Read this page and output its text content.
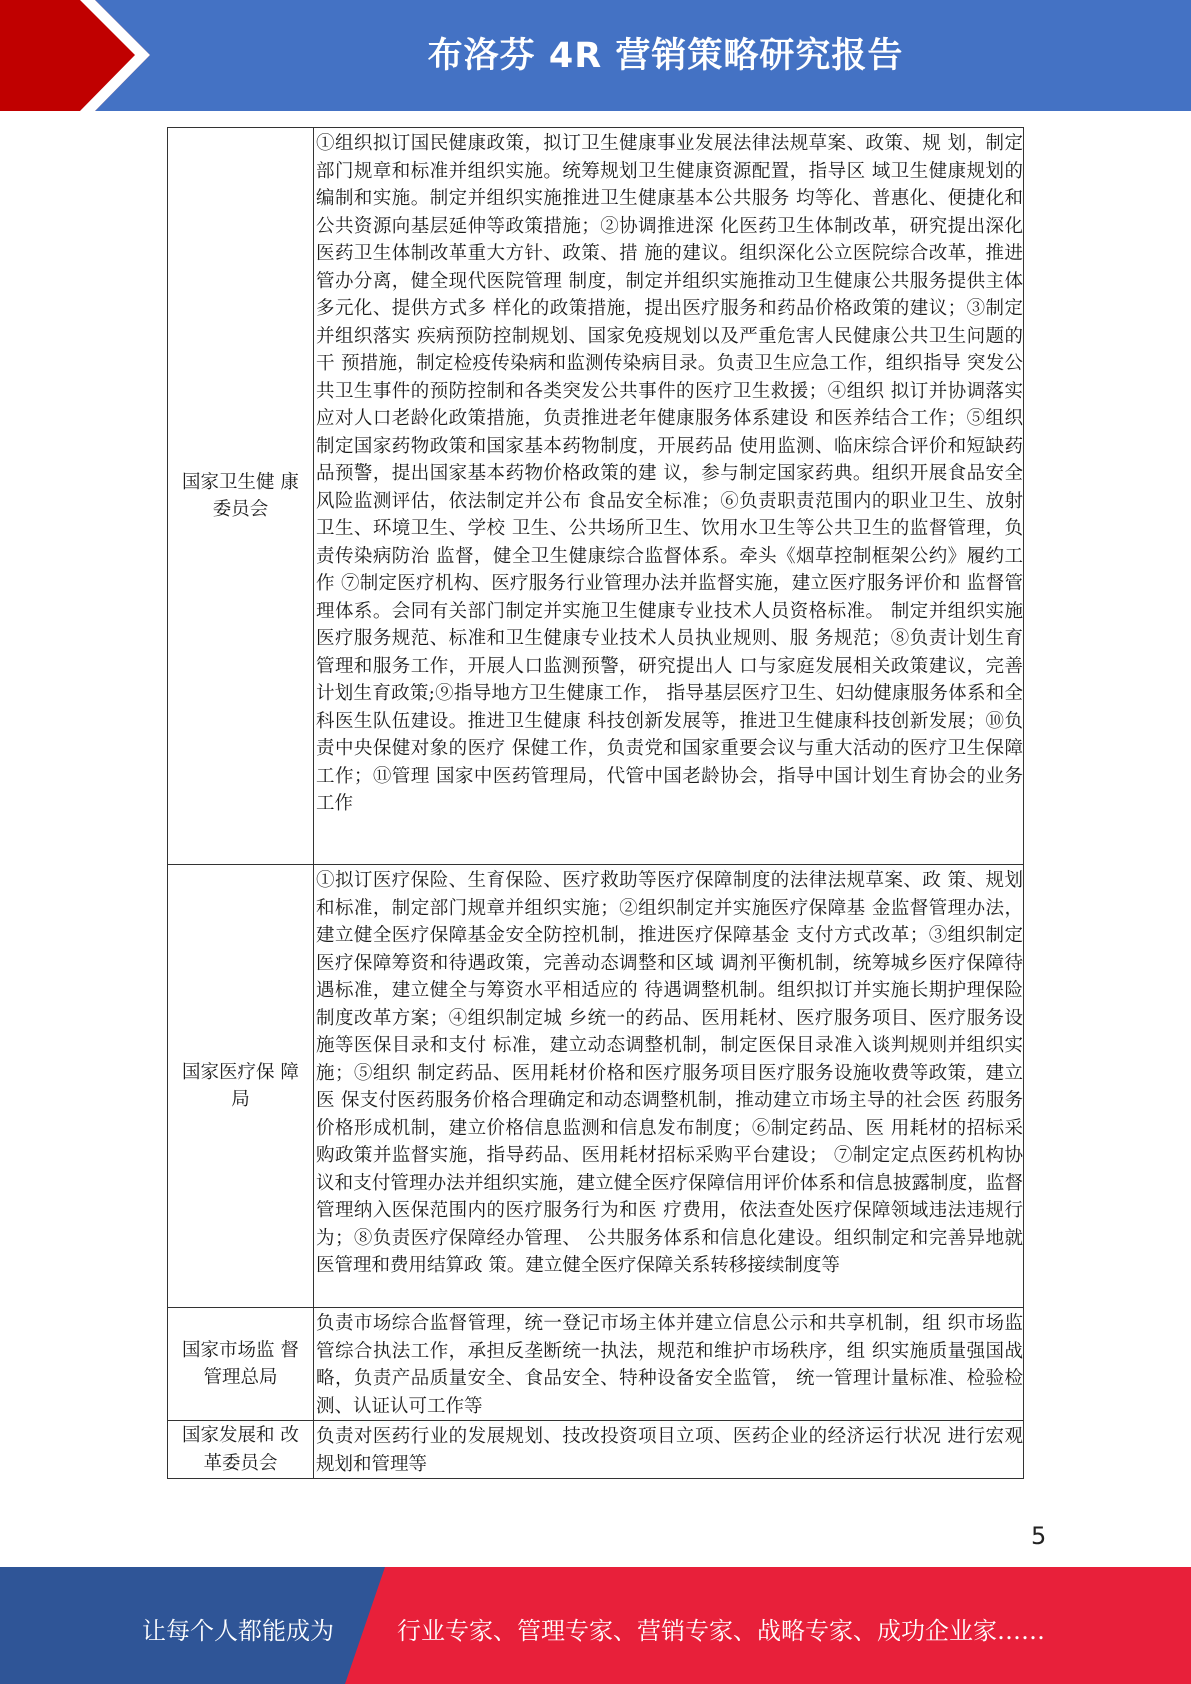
布洛芬 4R 营销策略研究报告
国家卫生健 康委员会	①组织拟订国民健康政策，拟订卫生健康事业发展法律法规草案、政策、规 划，制定部门规章和标准并组织实施。统筹规划卫生健康资源配置，指导区 域卫生健康规划的编制和实施。制定并组织实施推进卫生健康基本公共服务 均等化、普惠化、便捷化和公共资源向基层延伸等政策措施；②协调推进深 化医药卫生体制改革，研究提出深化医药卫生体制改革重大方针、政策、措 施的建议。组织深化公立医院综合改革，推进管办分离，健全现代医院管理 制度，制定并组织实施推动卫生健康公共服务提供主体多元化、提供方式多 样化的政策措施，提出医疗服务和药品价格政策的建议；③制定并组织落实 疾病预防控制规划、国家免疫规划以及严重危害人民健康公共卫生问题的干 预措施，制定检疫传染病和监测传染病目录。负责卫生应急工作，组织指导 突发公共卫生事件的预防控制和各类突发公共事件的医疗卫生救援；④组织 拟订并协调落实应对人口老龄化政策措施，负责推进老年健康服务体系建设 和医养结合工作；⑤组织制定国家药物政策和国家基本药物制度，开展药品 使用监测、临床综合评价和短缺药品预警，提出国家基本药物价格政策的建 议，参与制定国家药典。组织开展食品安全风险监测评估，依法制定并公布 食品安全标准；⑥负责职责范围内的职业卫生、放射卫生、环境卫生、学校 卫生、公共场所卫生、饮用水卫生等公共卫生的监督管理，负责传染病防治 监督，健全卫生健康综合监督体系。牵头《烟草控制框架公约》履约工作 ⑦制定医疗机构、医疗服务行业管理办法并监督实施，建立医疗服务评价和 监督管理体系。会同有关部门制定并实施卫生健康专业技术人员资格标准。 制定并组织实施医疗服务规范、标准和卫生健康专业技术人员执业规则、服 务规范；⑧负责计划生育管理和服务工作，开展人口监测预警，研究提出人 口与家庭发展相关政策建议，完善计划生育政策;⑨指导地方卫生健康工作， 指导基层医疗卫生、妇幼健康服务体系和全科医生队伍建设。推进卫生健康 科技创新发展等，推进卫生健康科技创新发展；⑩负责中央保健对象的医疗 保健工作，负责党和国家重要会议与重大活动的医疗卫生保障工作；⑪管理 国家中医药管理局，代管中国老龄协会，指导中国计划生育协会的业务工作
国家医疗保 障局	①拟订医疗保险、生育保险、医疗救助等医疗保障制度的法律法规草案、政 策、规划和标准，制定部门规章并组织实施；②组织制定并实施医疗保障基 金监督管理办法，建立健全医疗保障基金安全防控机制，推进医疗保障基金 支付方式改革；③组织制定医疗保障筹资和待遇政策，完善动态调整和区域 调剂平衡机制，统筹城乡医疗保障待遇标准，建立健全与筹资水平相适应的 待遇调整机制。组织拟订并实施长期护理保险制度改革方案；④组织制定城 乡统一的药品、医用耗材、医疗服务项目、医疗服务设施等医保目录和支付 标准，建立动态调整机制，制定医保目录准入谈判规则并组织实施；⑤组织 制定药品、医用耗材价格和医疗服务项目医疗服务设施收费等政策，建立医 保支付医药服务价格合理确定和动态调整机制，推动建立市场主导的社会医 药服务价格形成机制，建立价格信息监测和信息发布制度；⑥制定药品、医 用耗材的招标采购政策并监督实施，指导药品、医用耗材招标采购平台建设； ⑦制定定点医药机构协议和支付管理办法并组织实施，建立健全医疗保障信用评价体系和信息披露制度，监督管理纳入医保范围内的医疗服务行为和医 疗费用，依法查处医疗保障领域违法违规行为；⑧负责医疗保障经办管理、 公共服务体系和信息化建设。组织制定和完善异地就医管理和费用结算政 策。建立健全医疗保障关系转移接续制度等
国家市场监 督管理总局	负责市场综合监督管理，统一登记市场主体并建立信息公示和共享机制，组 织市场监管综合执法工作，承担反垄断统一执法，规范和维护市场秩序，组 织实施质量强国战略，负责产品质量安全、食品安全、特种设备安全监管， 统一管理计量标准、检验检测、认证认可工作等
国家发展和 改革委员会	负责对医药行业的发展规划、技改投资项目立项、医药企业的经济运行状况 进行宏观规划和管理等
5
让每个人都能成为	行业专家、管理专家、营销专家、战略专家、成功企业家……
